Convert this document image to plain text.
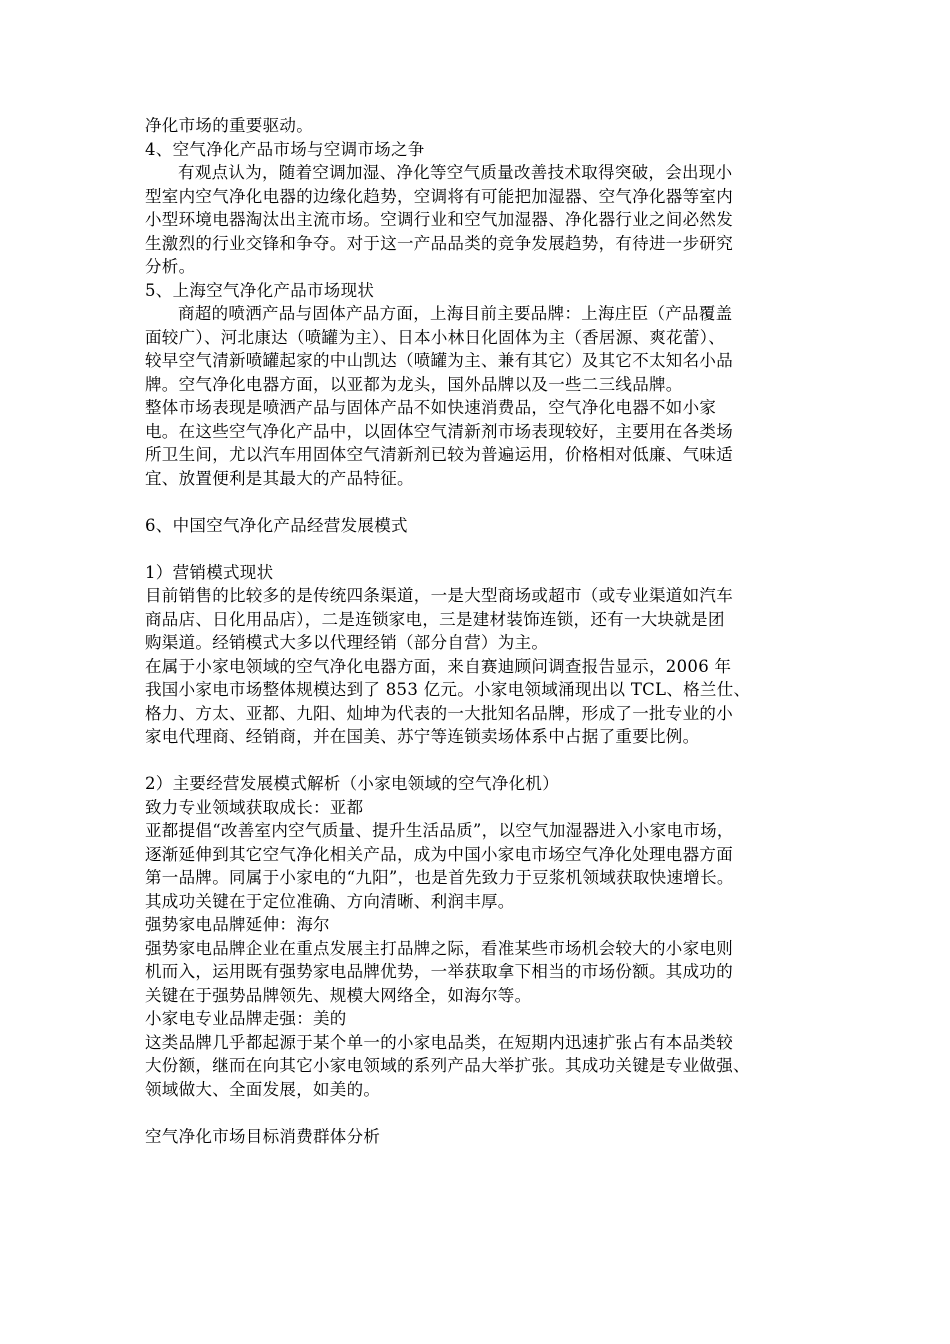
净化市场的重要驱动。
4、空气净化产品市场与空调市场之争
有观点认为，随着空调加湿、净化等空气质量改善技术取得突破，会出现小
型室内空气净化电器的边缘化趋势，空调将有可能把加湿器、空气净化器等室内
小型环境电器淘汰出主流市场。空调行业和空气加湿器、净化器行业之间必然发
生激烈的行业交锋和争夺。对于这一产品品类的竞争发展趋势，有待进一步研究
分析。
5、上海空气净化产品市场现状
商超的喷洒产品与固体产品方面，上海目前主要品牌：上海庄臣（产品覆盖
面较广）、河北康达（喷罐为主）、日本小林日化固体为主（香居源、爽花蕾）、
较早空气清新喷罐起家的中山凯达（喷罐为主、兼有其它）及其它不太知名小品
牌。空气净化电器方面，以亚都为龙头，国外品牌以及一些二三线品牌。
整体市场表现是喷洒产品与固体产品不如快速消费品，空气净化电器不如小家
电。在这些空气净化产品中，以固体空气清新剂市场表现较好，主要用在各类场
所卫生间，尤以汽车用固体空气清新剂已较为普遍运用，价格相对低廉、气味适
宜、放置便利是其最大的产品特征。
6、中国空气净化产品经营发展模式
1）营销模式现状
目前销售的比较多的是传统四条渠道，一是大型商场或超市（或专业渠道如汽车
商品店、日化用品店），二是连锁家电，三是建材装饰连锁，还有一大块就是团
购渠道。经销模式大多以代理经销（部分自营）为主。
在属于小家电领域的空气净化电器方面，来自赛迪顾问调查报告显示，2006 年
我国小家电市场整体规模达到了 853 亿元。小家电领域涌现出以 TCL、格兰仕、
格力、方太、亚都、九阳、灿坤为代表的一大批知名品牌，形成了一批专业的小
家电代理商、经销商，并在国美、苏宁等连锁卖场体系中占据了重要比例。
2）主要经营发展模式解析（小家电领域的空气净化机）
致力专业领域获取成长：亚都
亚都提倡“改善室内空气质量、提升生活品质”，以空气加湿器进入小家电市场，
逐渐延伸到其它空气净化相关产品，成为中国小家电市场空气净化处理电器方面
第一品牌。同属于小家电的“九阳”，也是首先致力于豆浆机领域获取快速增长。
其成功关键在于定位准确、方向清晰、利润丰厚。
强势家电品牌延伸：海尔
强势家电品牌企业在重点发展主打品牌之际，看准某些市场机会较大的小家电则
机而入，运用既有强势家电品牌优势，一举获取拿下相当的市场份额。其成功的
关键在于强势品牌领先、规模大网络全，如海尔等。
小家电专业品牌走强：美的
这类品牌几乎都起源于某个单一的小家电品类，在短期内迅速扩张占有本品类较
大份额，继而在向其它小家电领域的系列产品大举扩张。其成功关键是专业做强、
领域做大、全面发展，如美的。
空气净化市场目标消费群体分析
